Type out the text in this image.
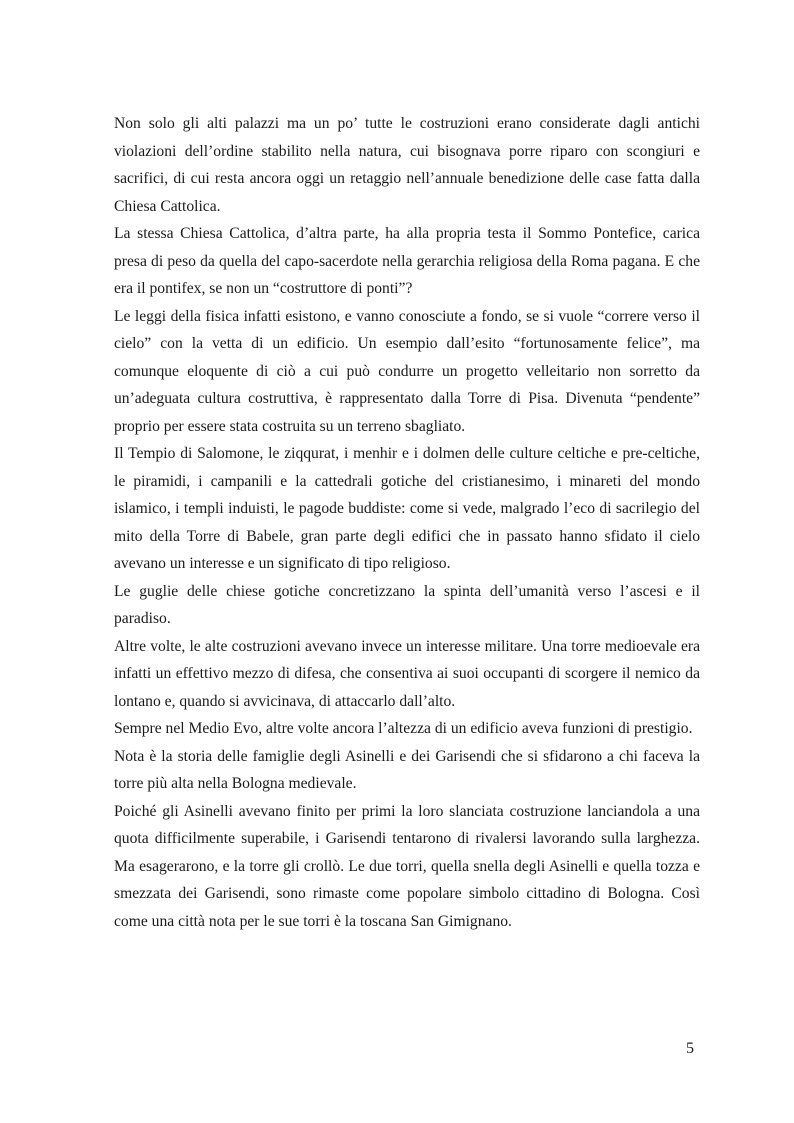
Non solo gli alti palazzi ma un po’ tutte le costruzioni erano considerate dagli antichi violazioni dell’ordine stabilito nella natura, cui bisognava porre riparo con scongiuri e sacrifici, di cui resta ancora oggi un retaggio nell’annuale benedizione delle case fatta dalla Chiesa Cattolica.

La stessa Chiesa Cattolica, d’altra parte, ha alla propria testa il Sommo Pontefice, carica presa di peso da quella del capo-sacerdote nella gerarchia religiosa della Roma pagana. E che era il pontifex, se non un “costruttore di ponti”?

Le leggi della fisica infatti esistono, e vanno conosciute a fondo, se si vuole “correre verso il cielo” con la vetta di un edificio. Un esempio dall’esito “fortunosamente felice”, ma comunque eloquente di ciò a cui può condurre un progetto velleitario non sorretto da un’adeguata cultura costruttiva, è rappresentato dalla Torre di Pisa. Divenuta “pendente” proprio per essere stata costruita su un terreno sbagliato.

Il Tempio di Salomone, le ziqqurat, i menhir e i dolmen delle culture celtiche e pre-celtiche, le piramidi, i campanili e la cattedrali gotiche del cristianesimo, i minareti del mondo islamico, i templi induisti, le pagode buddiste: come si vede, malgrado l’eco di sacrilegio del mito della Torre di Babele, gran parte degli edifici che in passato hanno sfidato il cielo avevano un interesse e un significato di tipo religioso.

Le guglie delle chiese gotiche concretizzano la spinta dell’umanità verso l’ascesi e il paradiso.

Altre volte, le alte costruzioni avevano invece un interesse militare. Una torre medioevale era infatti un effettivo mezzo di difesa, che consentiva ai suoi occupanti di scorgere il nemico da lontano e, quando si avvicinava, di attaccarlo dall’alto.

Sempre nel Medio Evo, altre volte ancora l’altezza di un edificio aveva funzioni di prestigio.

Nota è la storia delle famiglie degli Asinelli e dei Garisendi che si sfidarono a chi faceva la torre più alta nella Bologna medievale.

Poiché gli Asinelli avevano finito per primi la loro slanciata costruzione lanciandola a una quota difficilmente superabile, i Garisendi tentarono di rivalersi lavorando sulla larghezza. Ma esagerarono, e la torre gli crollò. Le due torri, quella snella degli Asinelli e quella tozza e smezzata dei Garisendi, sono rimaste come popolare simbolo cittadino di Bologna. Così come una città nota per le sue torri è la toscana San Gimignano.

5
